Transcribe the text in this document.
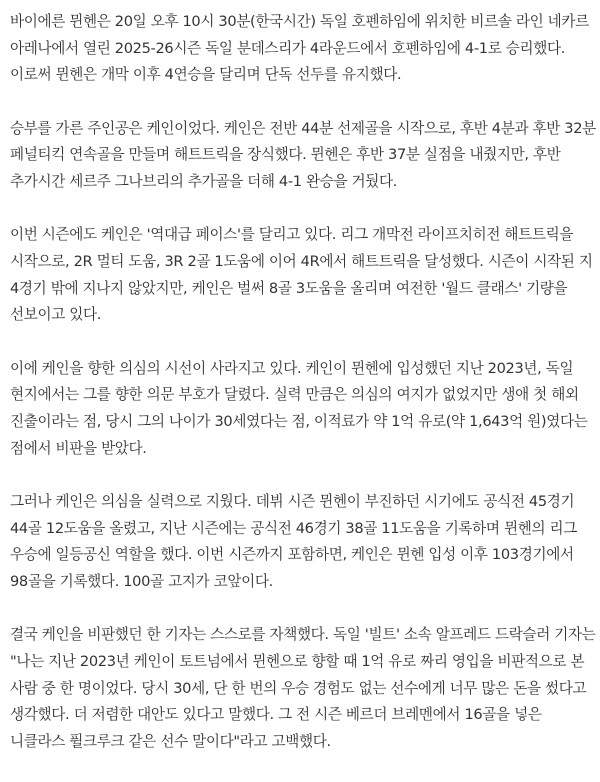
바이에른 뮌헨은 20일 오후 10시 30분(한국시간) 독일 호펜하임에 위치한 비르솔 라인 네카르 아레나에서 열린 2025-26시즌 독일 분데스리가 4라운드에서 호펜하임에 4-1로 승리했다. 이로써 뮌헨은 개막 이후 4연승을 달리며 단독 선두를 유지했다.

승부를 가른 주인공은 케인이었다. 케인은 전반 44분 선제골을 시작으로, 후반 4분과 후반 32분 페널티킥 연속골을 만들며 해트트릭을 장식했다. 뮌헨은 후반 37분 실점을 내줬지만, 후반 추가시간 세르주 그나브리의 추가골을 더해 4-1 완승을 거뒀다.

이번 시즌에도 케인은 '역대급 페이스'를 달리고 있다. 리그 개막전 라이프치히전 해트트릭을 시작으로, 2R 멀티 도움, 3R 2골 1도움에 이어 4R에서 해트트릭을 달성했다. 시즌이 시작된 지 4경기 밖에 지나지 않았지만, 케인은 벌써 8골 3도움을 올리며 여전한 '월드 클래스' 기량을 선보이고 있다.

이에 케인을 향한 의심의 시선이 사라지고 있다. 케인이 뮌헨에 입성했던 지난 2023년, 독일 현지에서는 그를 향한 의문 부호가 달렸다. 실력 만큼은 의심의 여지가 없었지만 생애 첫 해외 진출이라는 점, 당시 그의 나이가 30세였다는 점, 이적료가 약 1억 유로(약 1,643억 원)였다는 점에서 비판을 받았다.

그러나 케인은 의심을 실력으로 지웠다. 데뷔 시즌 뮌헨이 부진하던 시기에도 공식전 45경기 44골 12도움을 올렸고, 지난 시즌에는 공식전 46경기 38골 11도움을 기록하며 뮌헨의 리그 우승에 일등공신 역할을 했다. 이번 시즌까지 포함하면, 케인은 뮌헨 입성 이후 103경기에서 98골을 기록했다. 100골 고지가 코앞이다.

결국 케인을 비판했던 한 기자는 스스로를 자책했다. 독일 '빌트' 소속 알프레드 드락슬러 기자는 "나는 지난 2023년 케인이 토트넘에서 뮌헨으로 향할 때 1억 유로 짜리 영입을 비판적으로 본 사람 중 한 명이었다. 당시 30세, 단 한 번의 우승 경험도 없는 선수에게 너무 많은 돈을 썼다고 생각했다. 더 저렴한 대안도 있다고 말했다. 그 전 시즌 베르더 브레멘에서 16골을 넣은 니클라스 퓔크루크 같은 선수 말이다"라고 고백했다.
